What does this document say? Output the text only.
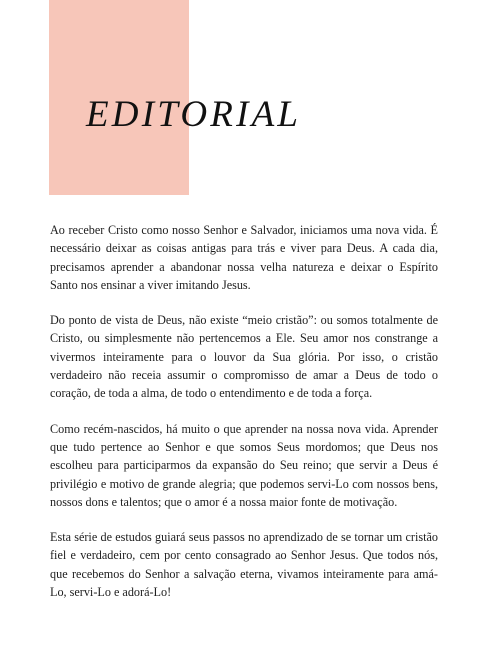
EDITORIAL

Ao receber Cristo como nosso Senhor e Salvador, iniciamos uma nova vida. É necessário deixar as coisas antigas para trás e viver para Deus. A cada dia, precisamos aprender a abandonar nossa velha natureza e deixar o Espírito Santo nos ensinar a viver imitando Jesus.

Do ponto de vista de Deus, não existe “meio cristão”: ou somos totalmente de Cristo, ou simplesmente não pertencemos a Ele. Seu amor nos constrange a vivermos inteiramente para o louvor da Sua glória. Por isso, o cristão verdadeiro não receia assumir o compromisso de amar a Deus de todo o coração, de toda a alma, de todo o entendimento e de toda a força.

Como recém-nascidos, há muito o que aprender na nossa nova vida. Aprender que tudo pertence ao Senhor e que somos Seus mordomos; que Deus nos escolheu para participarmos da expansão do Seu reino; que servir a Deus é privilégio e motivo de grande alegria; que podemos servi-Lo com nossos bens, nossos dons e talentos; que o amor é a nossa maior fonte de motivação.

Esta série de estudos guiará seus passos no aprendizado de se tornar um cristão fiel e verdadeiro, cem por cento consagrado ao Senhor Jesus. Que todos nós, que recebemos do Senhor a salvação eterna, vivamos inteiramente para amá-Lo, servi-Lo e adorá-Lo!
